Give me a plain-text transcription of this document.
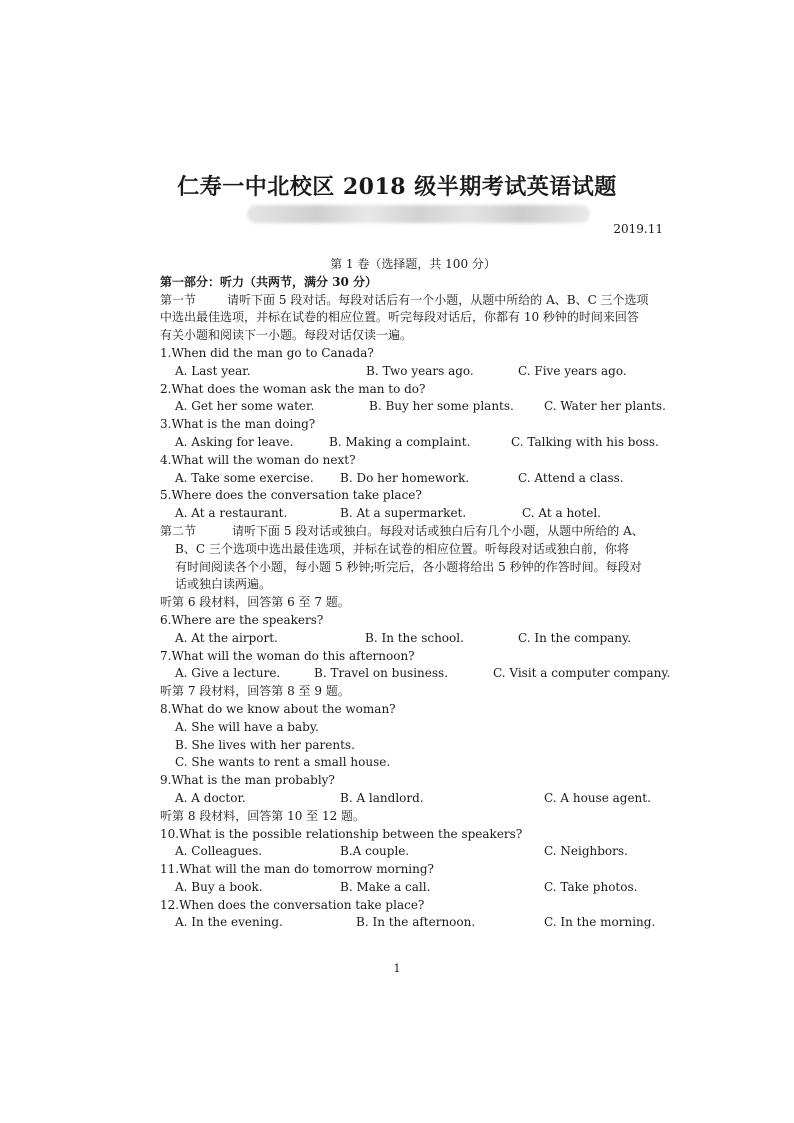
仁寿一中北校区 2018 级半期考试英语试题
2019.11
第 1 卷（选择题，共 100 分）
第一部分：听力（共两节，满分 30 分）
第一节	请听下面 5 段对话。每段对话后有一个小题，从题中所给的 A、B、C 三个选项
中选出最佳选项，并标在试卷的相应位置。听完每段对话后，你都有 10 秒钟的时间来回答
有关小题和阅读下一小题。每段对话仅读一遍。
1.When did the man go to Canada?
A. Last year.	B. Two years ago.	C. Five years ago.
2.What does the woman ask the man to do?
A. Get her some water.	B. Buy her some plants.	C. Water her plants.
3.What is the man doing?
A. Asking for leave.	B. Making a complaint.	C. Talking with his boss.
4.What will the woman do next?
A. Take some exercise. B. Do her homework.	C. Attend a class.
5.Where does the conversation take place?
A. At a restaurant.	B. At a supermarket.	C. At a hotel.
第二节	请听下面 5 段对话或独白。每段对话或独白后有几个小题，从题中所给的 A、
B、C 三个选项中选出最佳选项，并标在试卷的相应位置。听每段对话或独白前，你将
有时间阅读各个小题，每小题 5 秒钟;听完后，各小题将给出 5 秒钟的作答时间。每段对
话或独白读两遍。
听第 6 段材料，回答第 6 至 7 题。
6.Where are the speakers?
A. At the airport.	B. In the school.	C. In the company.
7.What will the woman do this afternoon?
A. Give a lecture.	B. Travel on business.	C. Visit a computer company.
听第 7 段材料，回答第 8 至 9 题。
8.What do we know about the woman?
A. She will have a baby.
B. She lives with her parents.
C. She wants to rent a small house.
9.What is the man probably?
A. A doctor.	B. A landlord.	C. A house agent.
听第 8 段材料，回答第 10 至 12 题。
10.What is the possible relationship between the speakers?
A. Colleagues.	B.A couple.	C. Neighbors.
11.What will the man do tomorrow morning?
A. Buy a book.	B. Make a call.	C. Take photos.
12.When does the conversation take place?
A. In the evening.	B. In the afternoon.	C. In the morning.
1
